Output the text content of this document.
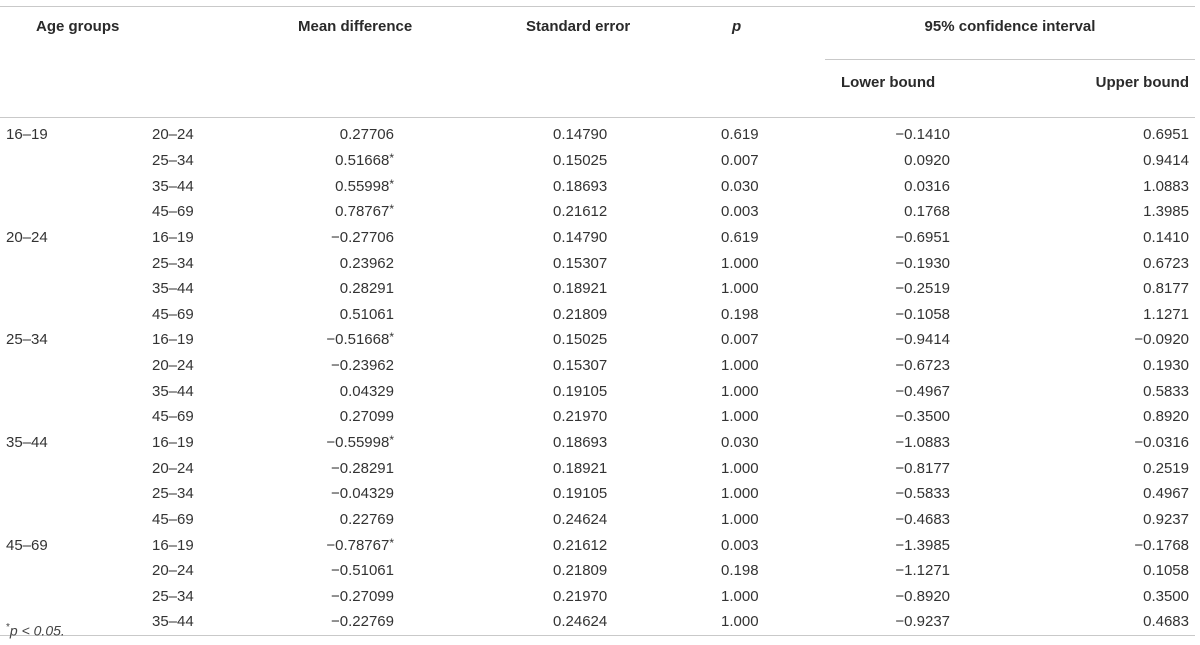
Age groups		Mean difference	Standard error	p	95% confidence interval	
					Lower bound	Upper bound
16–19	20–24	0.27706	0.14790	0.619	−0.1410	0.6951
	25–34	0.51668*	0.15025	0.007	0.0920	0.9414
	35–44	0.55998*	0.18693	0.030	0.0316	1.0883
	45–69	0.78767*	0.21612	0.003	0.1768	1.3985
20–24	16–19	−0.27706	0.14790	0.619	−0.6951	0.1410
	25–34	0.23962	0.15307	1.000	−0.1930	0.6723
	35–44	0.28291	0.18921	1.000	−0.2519	0.8177
	45–69	0.51061	0.21809	0.198	−0.1058	1.1271
25–34	16–19	−0.51668*	0.15025	0.007	−0.9414	−0.0920
	20–24	−0.23962	0.15307	1.000	−0.6723	0.1930
	35–44	0.04329	0.19105	1.000	−0.4967	0.5833
	45–69	0.27099	0.21970	1.000	−0.3500	0.8920
35–44	16–19	−0.55998*	0.18693	0.030	−1.0883	−0.0316
	20–24	−0.28291	0.18921	1.000	−0.8177	0.2519
	25–34	−0.04329	0.19105	1.000	−0.5833	0.4967
	45–69	0.22769	0.24624	1.000	−0.4683	0.9237
45–69	16–19	−0.78767*	0.21612	0.003	−1.3985	−0.1768
	20–24	−0.51061	0.21809	0.198	−1.1271	0.1058
	25–34	−0.27099	0.21970	1.000	−0.8920	0.3500
	35–44	−0.22769	0.24624	1.000	−0.9237	0.4683
*p < 0.05.
